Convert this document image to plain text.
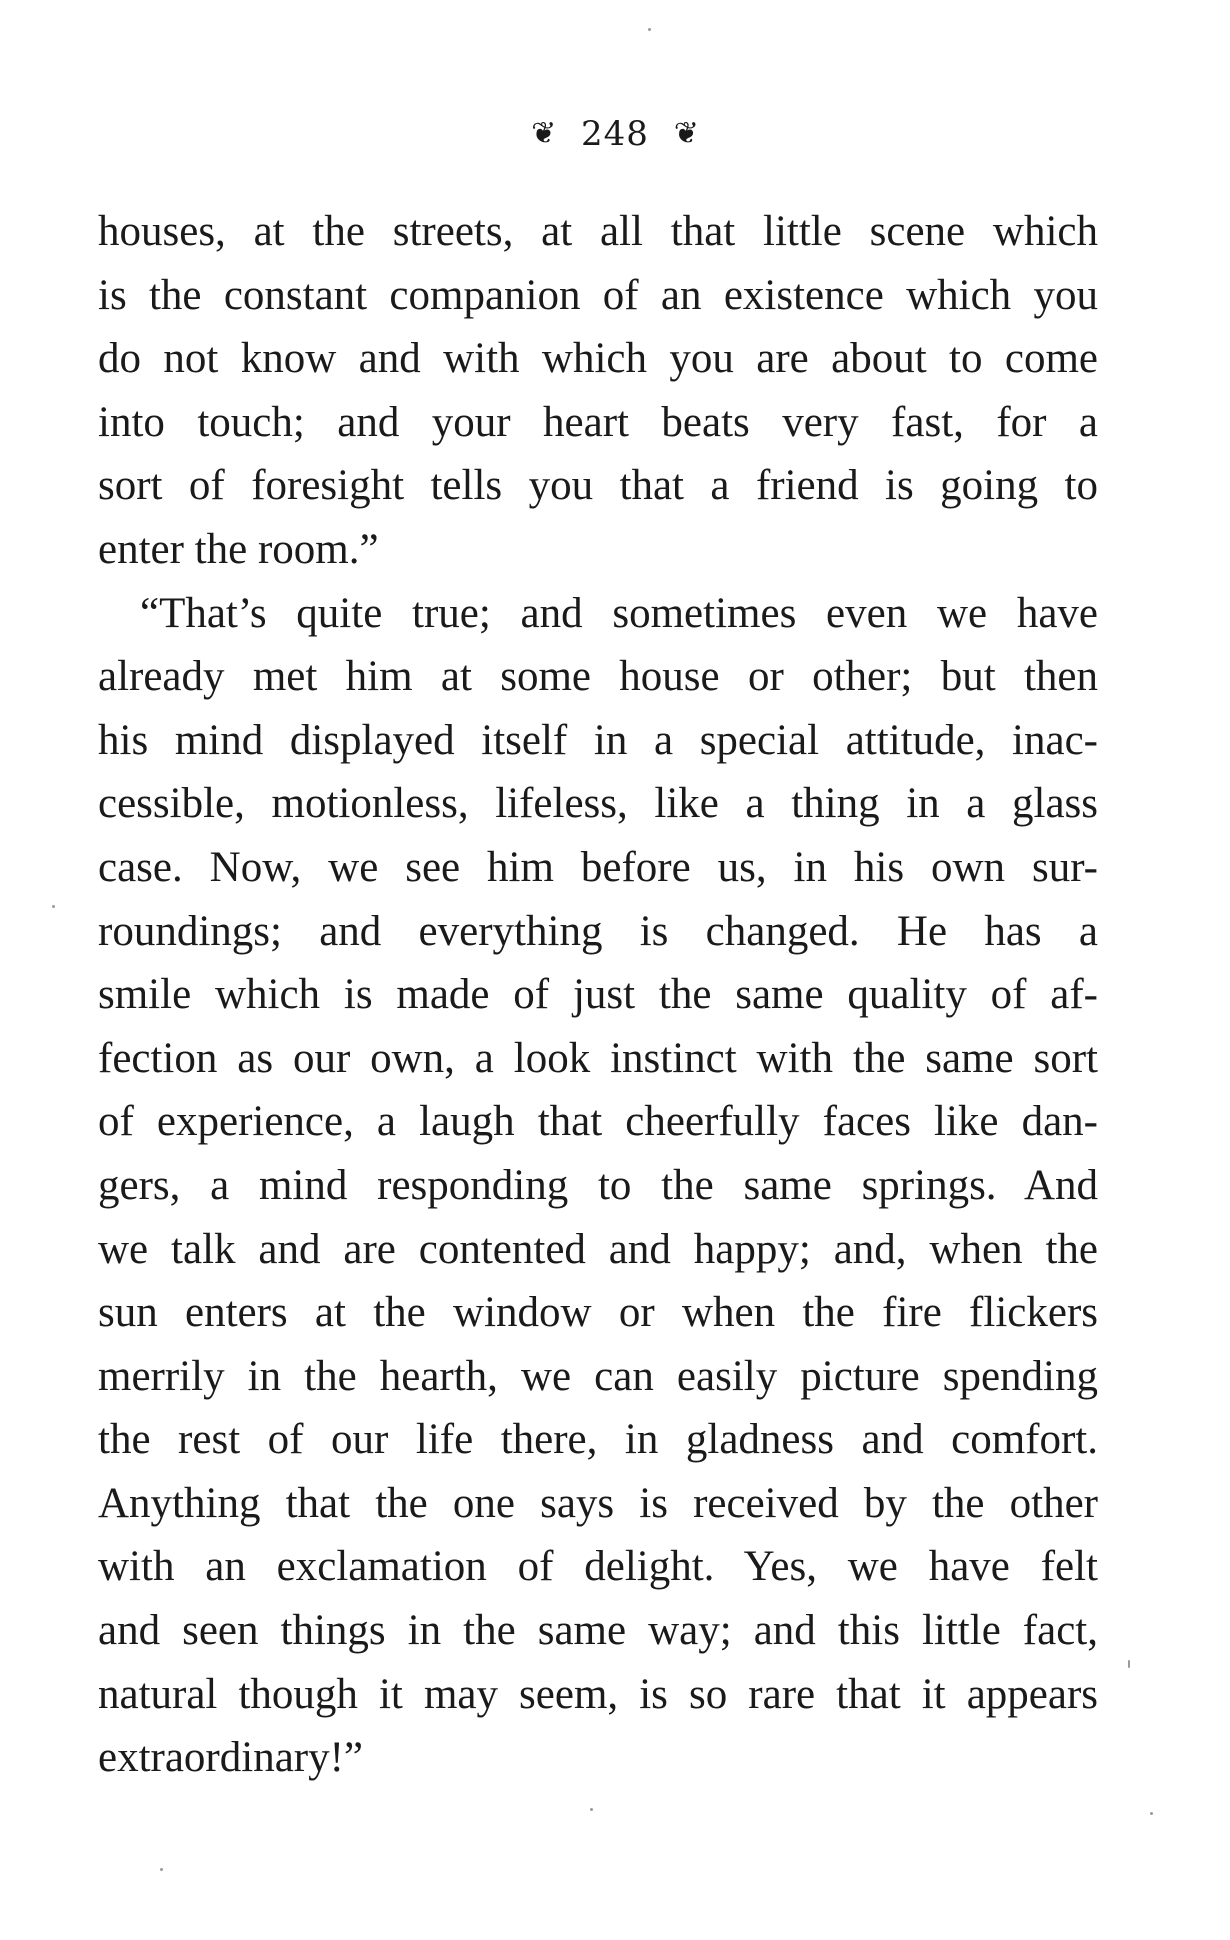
❦ 248 ❦
houses, at the streets, at all that little scene which
is the constant companion of an existence which you
do not know and with which you are about to come
into touch; and your heart beats very fast, for a
sort of foresight tells you that a friend is going to
enter the room.”
“That’s quite true; and sometimes even we have
already met him at some house or other; but then
his mind displayed itself in a special attitude, inac-
cessible, motionless, lifeless, like a thing in a glass
case. Now, we see him before us, in his own sur-
roundings; and everything is changed. He has a
smile which is made of just the same quality of af-
fection as our own, a look instinct with the same sort
of experience, a laugh that cheerfully faces like dan-
gers, a mind responding to the same springs. And
we talk and are contented and happy; and, when the
sun enters at the window or when the fire flickers
merrily in the hearth, we can easily picture spending
the rest of our life there, in gladness and comfort.
Anything that the one says is received by the other
with an exclamation of delight. Yes, we have felt
and seen things in the same way; and this little fact,
natural though it may seem, is so rare that it appears
extraordinary!”
